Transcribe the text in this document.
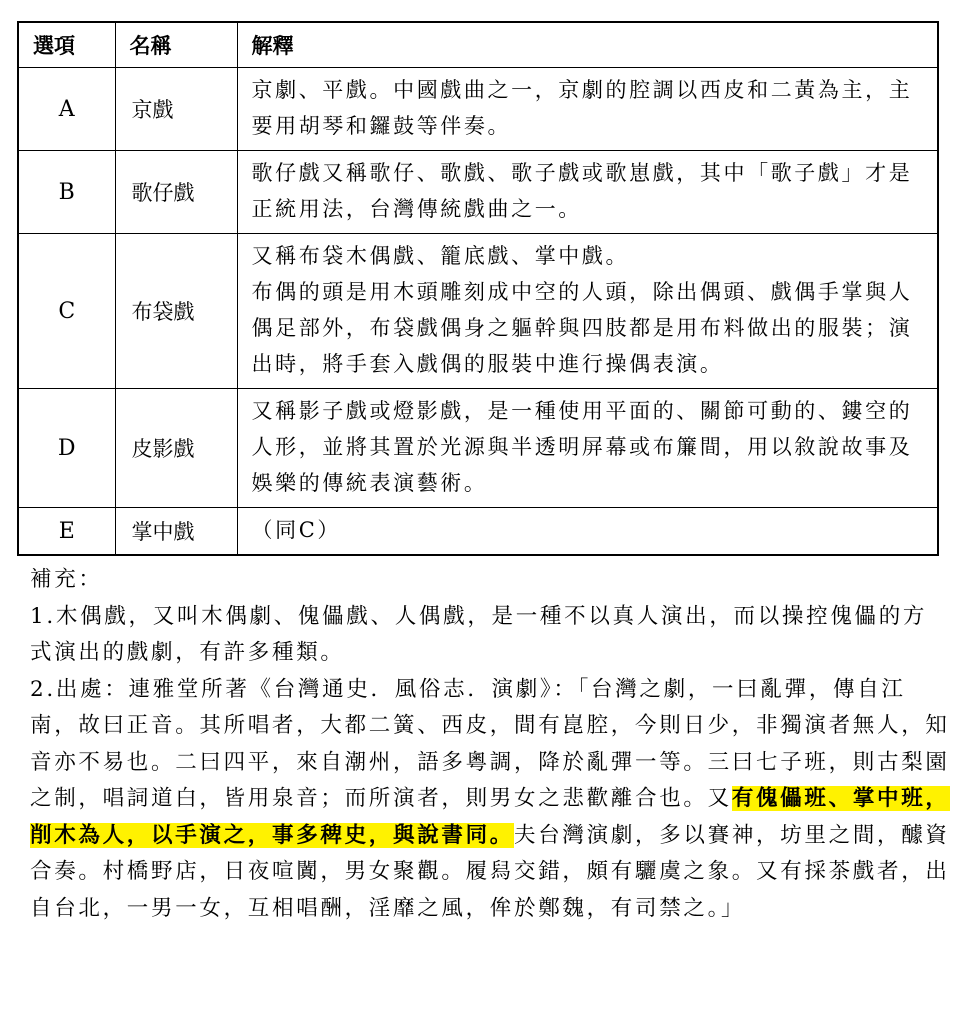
選項	名稱	解釋
A	京戲	京劇、平戲。中國戲曲之一，京劇的腔調以西皮和二黃為主，主要用胡琴和鑼鼓等伴奏。

B	歌仔戲	歌仔戲又稱歌仔、歌戲、歌子戲或歌崽戲，其中「歌子戲」才是正統用法，台灣傳統戲曲之一。

C	布袋戲	又稱布袋木偶戲、籠底戲、掌中戲。

布偶的頭是用木頭雕刻成中空的人頭，除出偶頭、戲偶手掌與人偶足部外，布袋戲偶身之軀幹與四肢都是用布料做出的服裝；演出時，將手套入戲偶的服裝中進行操偶表演。

D	皮影戲	又稱影子戲或燈影戲，是一種使用平面的、關節可動的、鏤空的人形，並將其置於光源與半透明屏幕或布簾間，用以敘說故事及娛樂的傳統表演藝術。

E	掌中戲	（同C）

補充：

1.木偶戲，又叫木偶劇、傀儡戲、人偶戲，是一種不以真人演出，而以操控傀儡的方式演出的戲劇，有許多種類。

2.出處：連雅堂所著《台灣通史．風俗志．演劇》：「台灣之劇，一曰亂彈，傳自江南，故曰正音。其所唱者，大都二簧、西皮，間有崑腔，今則日少，非獨演者無人，知音亦不易也。二曰四平，來自潮州，語多粵調，降於亂彈一等。三曰七子班，則古梨園之制，唱詞道白，皆用泉音；而所演者，則男女之悲歡離合也。又有傀儡班、掌中班，削木為人，以手演之，事多稗史，與說書同。夫台灣演劇，多以賽神，坊里之間，醵資合奏。村橋野店，日夜喧闐，男女聚觀。履舄交錯，頗有驪虞之象。又有採茶戲者，出自台北，一男一女，互相唱酬，淫靡之風，侔於鄭魏，有司禁之。」
